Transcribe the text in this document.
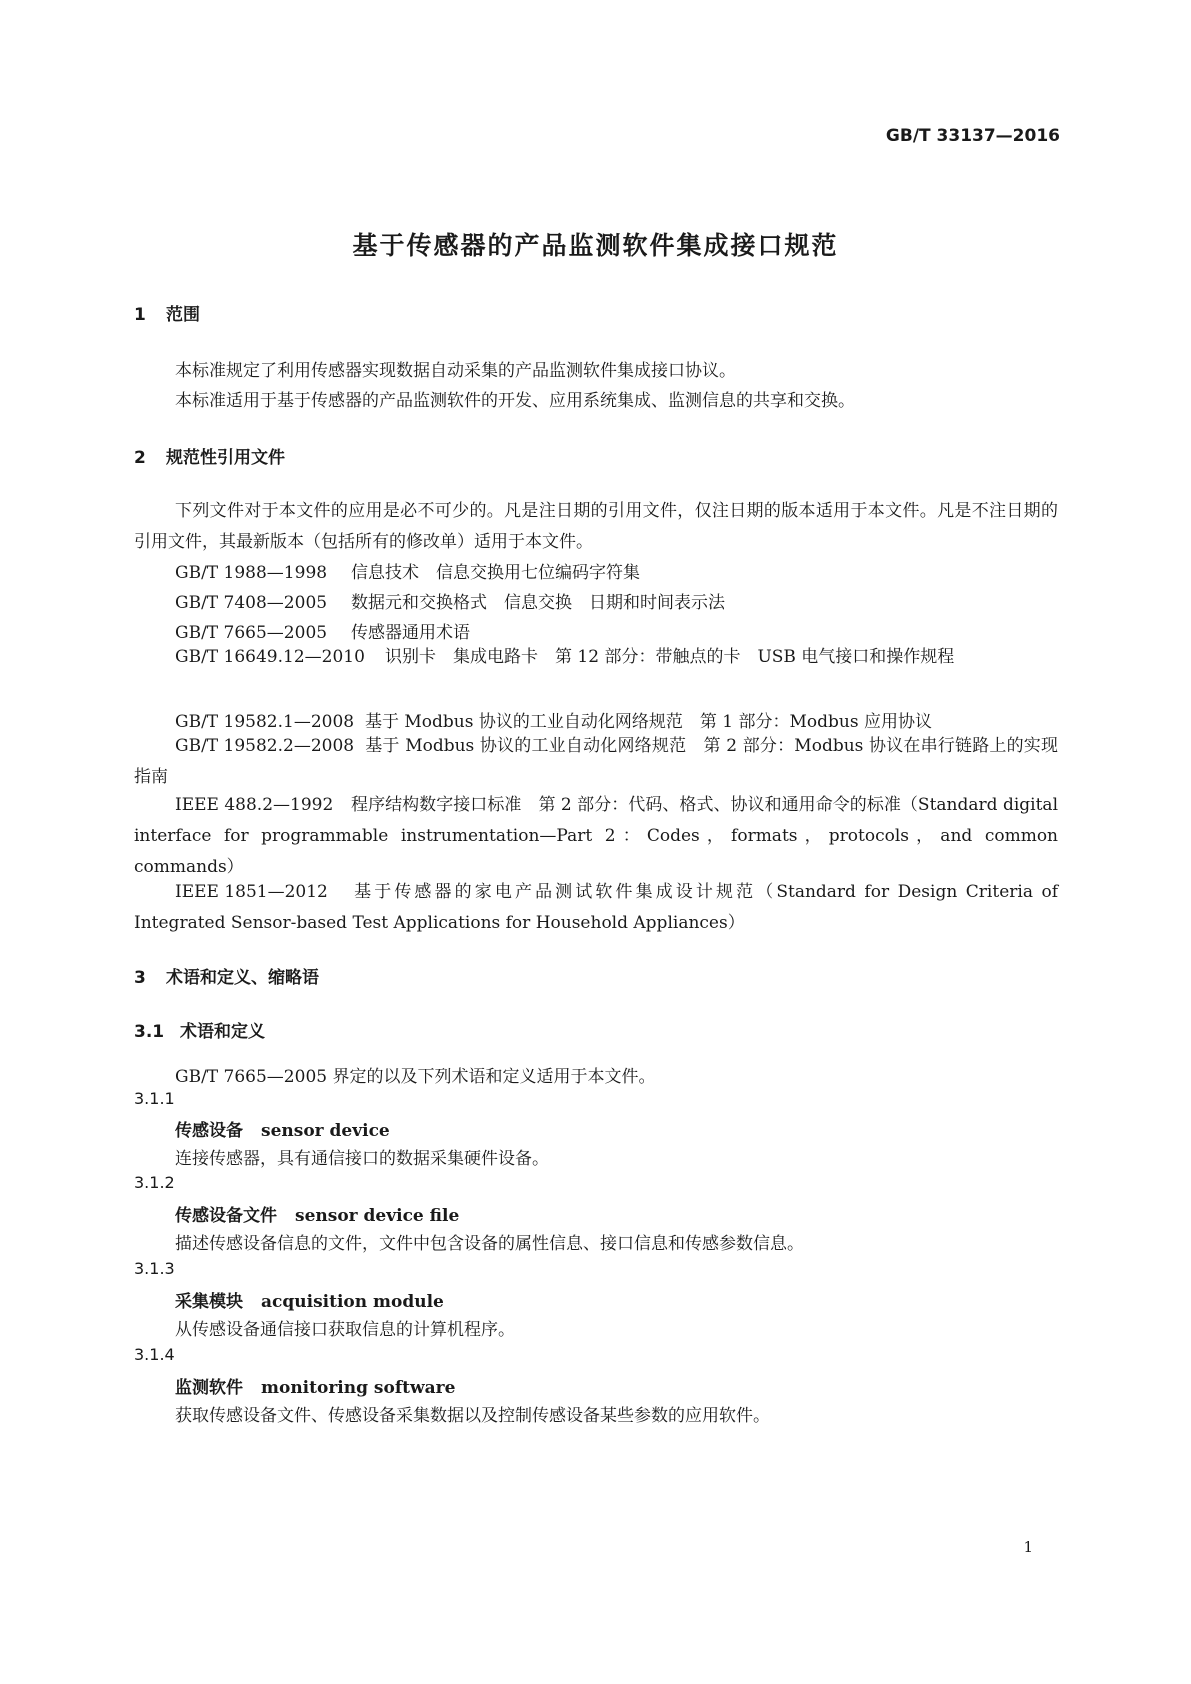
GB/T 33137—2016
基于传感器的产品监测软件集成接口规范
1 范围
本标准规定了利用传感器实现数据自动采集的产品监测软件集成接口协议。
本标准适用于基于传感器的产品监测软件的开发、应用系统集成、监测信息的共享和交换。
2 规范性引用文件
下列文件对于本文件的应用是必不可少的。凡是注日期的引用文件，仅注日期的版本适用于本文件。凡是不注日期的引用文件，其最新版本（包括所有的修改单）适用于本文件。
GB/T 1988—1998 信息技术　信息交换用七位编码字符集
GB/T 7408—2005 数据元和交换格式　信息交换　日期和时间表示法
GB/T 7665—2005 传感器通用术语
GB/T 16649.12—2010 识别卡　集成电路卡　第 12 部分：带触点的卡　USB 电气接口和操作规程
GB/T 19582.1—2008 基于 Modbus 协议的工业自动化网络规范　第 1 部分：Modbus 应用协议
GB/T 19582.2—2008 基于 Modbus 协议的工业自动化网络规范　第 2 部分：Modbus 协议在串行链路上的实现指南
IEEE 488.2—1992 程序结构数字接口标准　第 2 部分：代码、格式、协议和通用命令的标准（Standard digital interface for programmable instrumentation—Part 2：Codes，formats，protocols，and common commands）
IEEE 1851—2012 基于传感器的家电产品测试软件集成设计规范（Standard for Design Criteria of Integrated Sensor-based Test Applications for Household Appliances）
3 术语和定义、缩略语
3.1 术语和定义
GB/T 7665—2005 界定的以及下列术语和定义适用于本文件。
3.1.1
传感设备 sensor device
连接传感器，具有通信接口的数据采集硬件设备。
3.1.2
传感设备文件 sensor device file
描述传感设备信息的文件，文件中包含设备的属性信息、接口信息和传感参数信息。
3.1.3
采集模块 acquisition module
从传感设备通信接口获取信息的计算机程序。
3.1.4
监测软件 monitoring software
获取传感设备文件、传感设备采集数据以及控制传感设备某些参数的应用软件。
1
